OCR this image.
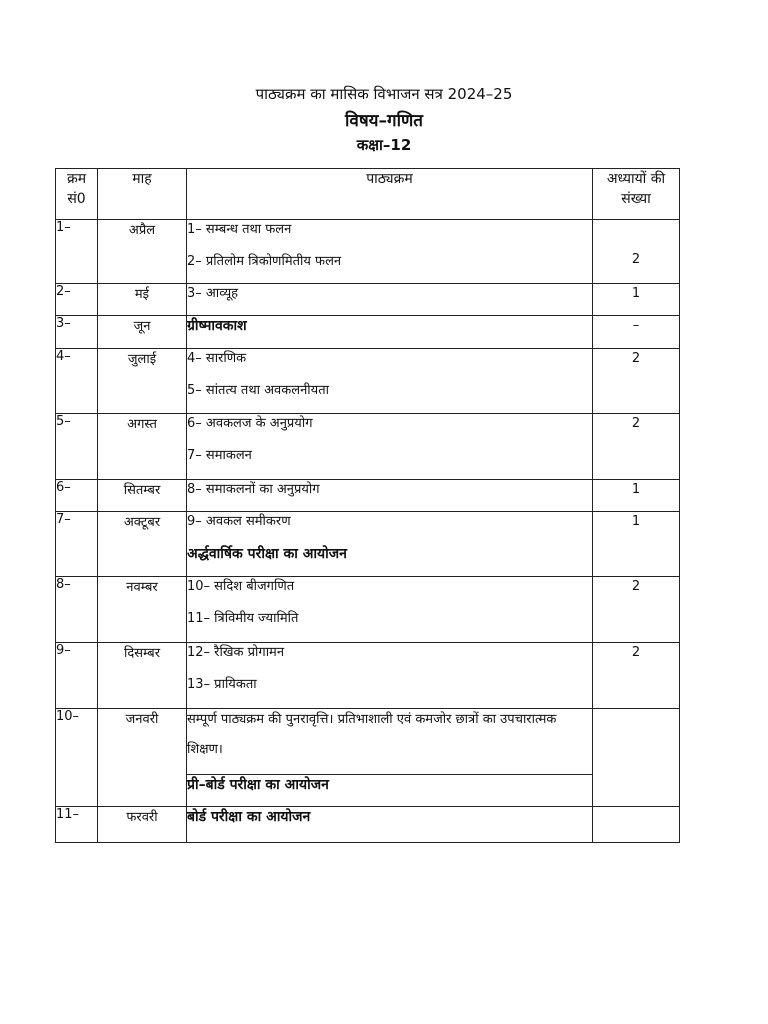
पाठ्यक्रम का मासिक विभाजन सत्र 2024–25
विषय–गणित
कक्षा–12
क्रम सं0	माह	पाठ्यक्रम	अध्यायों की संख्या
1–	अप्रैल	1– सम्बन्ध तथा फलन
2– प्रतिलोम त्रिकोणमितीय फलन	2

2–	मई	3– आव्यूह	1

3–	जून	ग्रीष्मावकाश	–

4–	जुलाई	4– सारणिक
5– सांतत्य तथा अवकलनीयता	2

5–	अगस्त	6– अवकलज के अनुप्रयोग
7– समाकलन	2

6–	सितम्बर	8– समाकलनों का अनुप्रयोग	1

7–	अक्टूबर	9– अवकल समीकरण
अर्द्धवार्षिक परीक्षा का आयोजन	1

8–	नवम्बर	10– सदिश बीजगणित
11– त्रिविमीय ज्यामिति	2

9–	दिसम्बर	12– रैखिक प्रोगामन
13– प्रायिकता	2

10–	जनवरी	सम्पूर्ण पाठ्यक्रम की पुनरावृत्ति। प्रतिभाशाली एवं कमजोर छात्रों का उपचारात्मक शिक्षण।	

		प्री–बोर्ड परीक्षा का आयोजन	

11–	फरवरी	बोर्ड परीक्षा का आयोजन	
